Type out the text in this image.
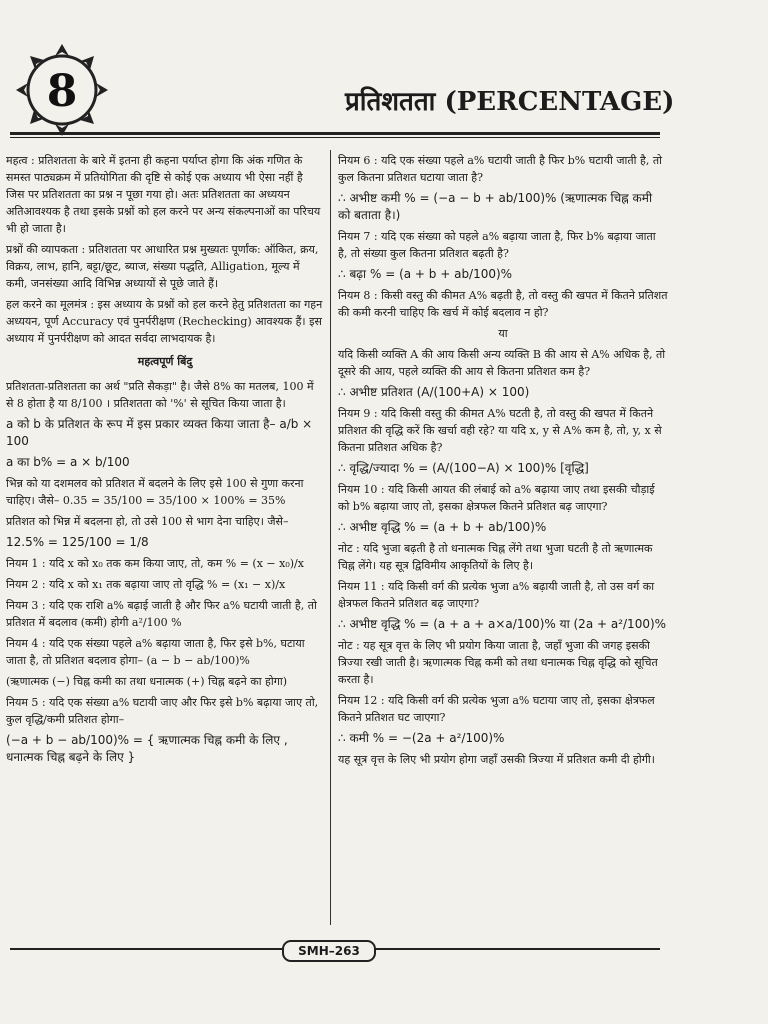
8	प्रतिशतता (PERCENTAGE)

महत्व : प्रतिशतता के बारे में इतना ही कहना पर्याप्त होगा कि अंक गणित के समस्त पाठ्यक्रम में प्रतियोगिता की दृष्टि से कोई एक अध्याय भी ऐसा नहीं है जिस पर प्रतिशतता का प्रश्न न पूछा गया हो। अतः प्रतिशतता का अध्ययन अतिआवश्यक है तथा इसके प्रश्नों को हल करने पर अन्य संकल्पनाओं का परिचय भी हो जाता है।

प्रश्नों की व्यापकता : प्रतिशतता पर आधारित प्रश्न मुख्यतः पूर्णांक: ऑकित, क्रय, विक्रय, लाभ, हानि, बट्टा/छूट, ब्याज, संख्या पद्धति, Alligation, मूल्य में कमी, जनसंख्या आदि विभिन्न अध्यायों से पूछे जाते हैं।

हल करने का मूलमंत्र : इस अध्याय के प्रश्नों को हल करने हेतु प्रतिशतता का गहन अध्ययन, पूर्ण Accuracy एवं पुनर्परीक्षण (Rechecking) आवश्यक हैं। इस अध्याय में पुनर्परीक्षण को आदत सर्वदा लाभदायक है।

महत्वपूर्ण बिंदु

प्रतिशतता-प्रतिशतता का अर्थ "प्रति सैकड़ा" है। जैसे 8% का मतलब, 100 में से 8 होता है या 8/100 । प्रतिशतता को '%' से सूचित किया जाता है।

a को b के प्रतिशत के रूप में इस प्रकार व्यक्त किया जाता है– a/b × 100

a का b% = a × b/100

भिन्न को या दशमलव को प्रतिशत में बदलने के लिए इसे 100 से गुणा करना चाहिए। जैसे– 0.35 = 35/100 = 35/100 × 100% = 35%

प्रतिशत को भिन्न में बदलना हो, तो उसे 100 से भाग देना चाहिए। जैसे–

12.5% = 125/100 = 1/8

नियम 1 : यदि x को x₀ तक कम किया जाए, तो, कम % = (x − x₀)/x

नियम 2 : यदि x को x₁ तक बढ़ाया जाए तो वृद्धि % = (x₁ − x)/x

नियम 3 : यदि एक राशि a% बढ़ाई जाती है और फिर a% घटायी जाती है, तो प्रतिशत में बदलाव (कमी) होगी a²/100 %

नियम 4 : यदि एक संख्या पहले a% बढ़ाया जाता है, फिर इसे b%, घटाया जाता है, तो प्रतिशत बदलाव होगा– (a − b − ab/100)%

(ऋणात्मक (−) चिह्न कमी का तथा धनात्मक (+) चिह्न बढ़ने का होगा)

नियम 5 : यदि एक संख्या a% घटायी जाए और फिर इसे b% बढ़ाया जाए तो, कुल वृद्धि/कमी प्रतिशत होगा–

(−a + b − ab/100)% = { ऋणात्मक चिह्न कमी के लिए , धनात्मक चिह्न बढ़ने के लिए }

नियम 6 : यदि एक संख्या पहले a% घटायी जाती है फिर b% घटायी जाती है, तो कुल कितना प्रतिशत घटाया जाता है?

∴ अभीष्ट कमी % = (−a − b + ab/100)% (ऋणात्मक चिह्न कमी को बताता है।)

नियम 7 : यदि एक संख्या को पहले a% बढ़ाया जाता है, फिर b% बढ़ाया जाता है, तो संख्या कुल कितना प्रतिशत बढ़ती है?

∴ बढ़ा % = (a + b + ab/100)%

नियम 8 : किसी वस्तु की कीमत A% बढ़ती है, तो वस्तु की खपत में कितने प्रतिशत की कमी करनी चाहिए कि खर्च में कोई बदलाव न हो?

या

यदि किसी व्यक्ति A की आय किसी अन्य व्यक्ति B की आय से A% अधिक है, तो दूसरे की आय, पहले व्यक्ति की आय से कितना प्रतिशत कम है?

∴ अभीष्ट प्रतिशत (A/(100+A) × 100)

नियम 9 : यदि किसी वस्तु की कीमत A% घटती है, तो वस्तु की खपत में कितने प्रतिशत की वृद्धि करें कि खर्चा वही रहे? या यदि x, y से A% कम है, तो, y, x से कितना प्रतिशत अधिक है?

∴ वृद्धि/ज्यादा % = (A/(100−A) × 100)% [वृद्धि]

नियम 10 : यदि किसी आयत की लंबाई को a% बढ़ाया जाए तथा इसकी चौड़ाई को b% बढ़ाया जाए तो, इसका क्षेत्रफल कितने प्रतिशत बढ़ जाएगा?

∴ अभीष्ट वृद्धि % = (a + b + ab/100)%

नोट : यदि भुजा बढ़ती है तो धनात्मक चिह्न लेंगे तथा भुजा घटती है तो ऋणात्मक चिह्न लेंगे। यह सूत्र द्विविमीय आकृतियों के लिए है।

नियम 11 : यदि किसी वर्ग की प्रत्येक भुजा a% बढ़ायी जाती है, तो उस वर्ग का क्षेत्रफल कितने प्रतिशत बढ़ जाएगा?

∴ अभीष्ट वृद्धि % = (a + a + a×a/100)% या (2a + a²/100)%

नोट : यह सूत्र वृत्त के लिए भी प्रयोग किया जाता है, जहाँ भुजा की जगह इसकी त्रिज्या रखी जाती है। ऋणात्मक चिह्न कमी को तथा धनात्मक चिह्न वृद्धि को सूचित करता है।

नियम 12 : यदि किसी वर्ग की प्रत्येक भुजा a% घटाया जाए तो, इसका क्षेत्रफल कितने प्रतिशत घट जाएगा?

∴ कमी % = −(2a + a²/100)%

यह सूत्र वृत्त के लिए भी प्रयोग होगा जहाँ उसकी त्रिज्या में प्रतिशत कमी दी होगी।

SMH–263
